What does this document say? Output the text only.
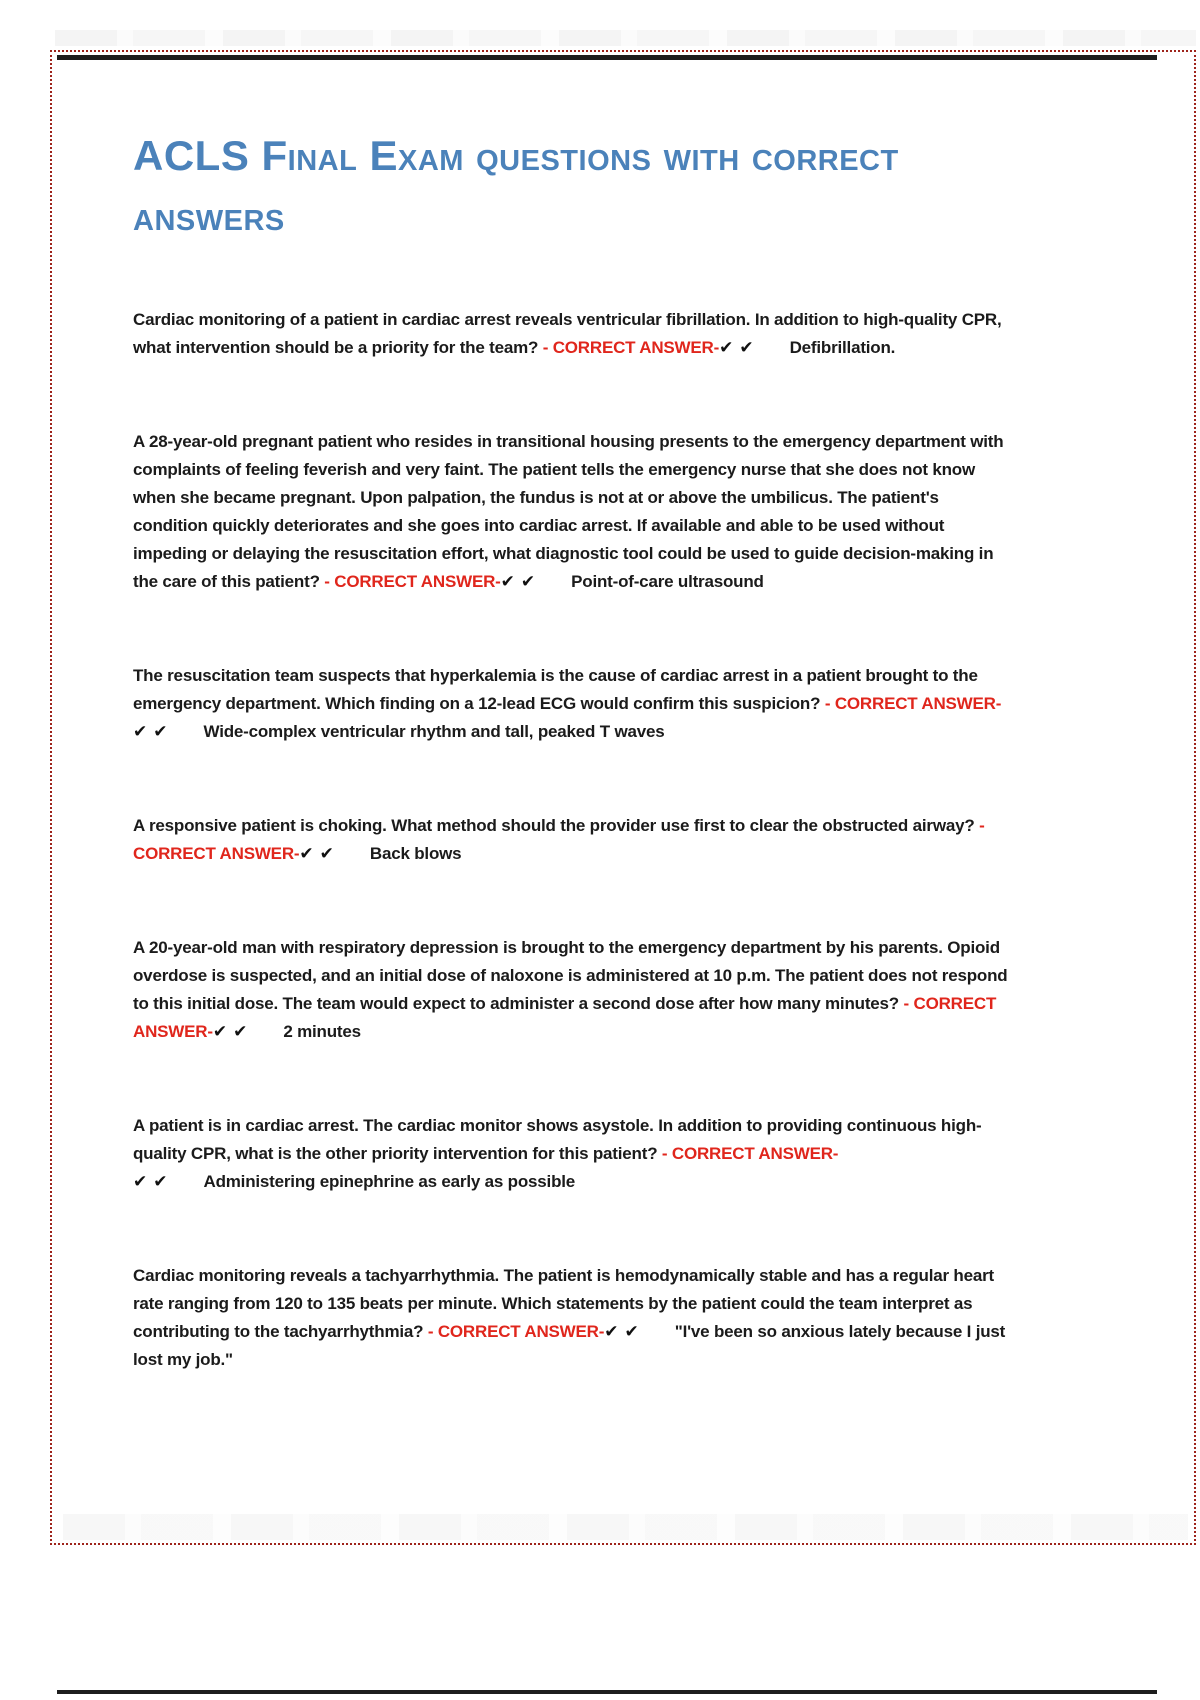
ACLS Final Exam questions with correct answers

Cardiac monitoring of a patient in cardiac arrest reveals ventricular fibrillation. In addition to high-quality CPR, what intervention should be a priority for the team? - CORRECT ANSWER-✔✔ Defibrillation.

A 28-year-old pregnant patient who resides in transitional housing presents to the emergency department with complaints of feeling feverish and very faint. The patient tells the emergency nurse that she does not know when she became pregnant. Upon palpation, the fundus is not at or above the umbilicus. The patient's condition quickly deteriorates and she goes into cardiac arrest. If available and able to be used without impeding or delaying the resuscitation effort, what diagnostic tool could be used to guide decision-making in the care of this patient? - CORRECT ANSWER-✔✔ Point-of-care ultrasound

The resuscitation team suspects that hyperkalemia is the cause of cardiac arrest in a patient brought to the emergency department. Which finding on a 12-lead ECG would confirm this suspicion? - CORRECT ANSWER-✔✔ Wide-complex ventricular rhythm and tall, peaked T waves

A responsive patient is choking. What method should the provider use first to clear the obstructed airway? - CORRECT ANSWER-✔✔ Back blows

A 20-year-old man with respiratory depression is brought to the emergency department by his parents. Opioid overdose is suspected, and an initial dose of naloxone is administered at 10 p.m. The patient does not respond to this initial dose. The team would expect to administer a second dose after how many minutes? - CORRECT ANSWER-✔✔ 2 minutes

A patient is in cardiac arrest. The cardiac monitor shows asystole. In addition to providing continuous high-quality CPR, what is the other priority intervention for this patient? - CORRECT ANSWER-✔✔ Administering epinephrine as early as possible

Cardiac monitoring reveals a tachyarrhythmia. The patient is hemodynamically stable and has a regular heart rate ranging from 120 to 135 beats per minute. Which statements by the patient could the team interpret as contributing to the tachyarrhythmia? - CORRECT ANSWER-✔✔ "I've been so anxious lately because I just lost my job."
